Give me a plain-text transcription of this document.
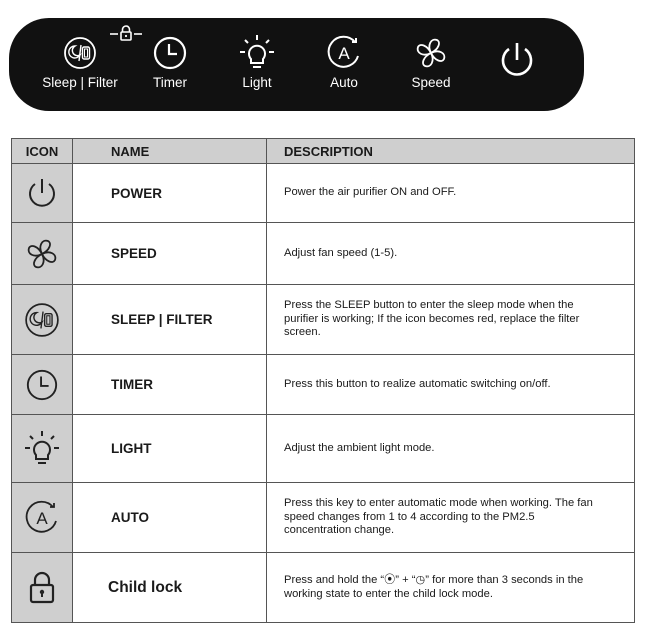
Sleep | Filter	Timer	Light
A
Auto	Speed
ICON	NAME	DESCRIPTION

	POWER	Power the air purifier ON and OFF.

	SPEED	Adjust fan speed (1-5).

	SLEEP | FILTER	Press the SLEEP button to enter the sleep mode when the purifier is working; If the icon becomes red, replace the filter screen.

	TIMER	Press this button to realize automatic switching on/off.

	LIGHT	Adjust the ambient light mode.

A	AUTO	Press this key to enter automatic mode when working. The fan speed changes from 1 to 4 according to the PM2.5 concentration change.

	Child lock	Press and hold the “⦿” + “◷” for more than 3 seconds in the working state to enter the child lock mode.
